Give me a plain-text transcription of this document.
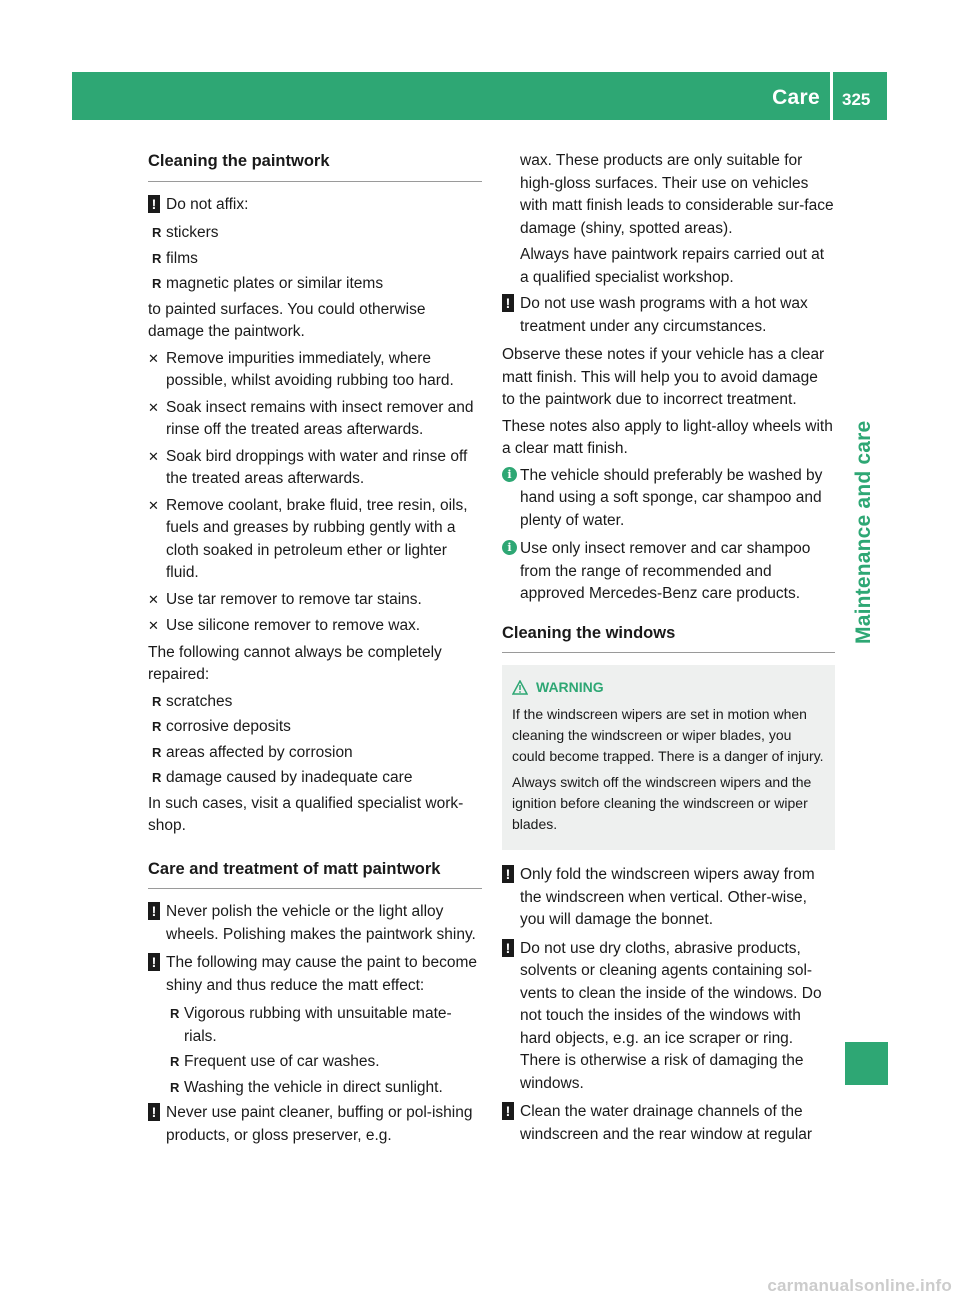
Care 325
Maintenance and care
Cleaning the paintwork
! Do not affix:
R stickers
R films
R magnetic plates or similar items

to painted surfaces. You could otherwise damage the paintwork.

✕ Remove impurities immediately, where possible, whilst avoiding rubbing too hard.
✕ Soak insect remains with insect remover and rinse off the treated areas afterwards.
✕ Soak bird droppings with water and rinse off the treated areas afterwards.
✕ Remove coolant, brake fluid, tree resin, oils, fuels and greases by rubbing gently with a cloth soaked in petroleum ether or lighter fluid.
✕ Use tar remover to remove tar stains.
✕ Use silicone remover to remove wax.

The following cannot always be completely repaired:

R scratches
R corrosive deposits
R areas affected by corrosion
R damage caused by inadequate care

In such cases, visit a qualified specialist work-shop.

Care and treatment of matt paintwork
! Never polish the vehicle or the light alloy wheels. Polishing makes the paintwork shiny.
! The following may cause the paint to become shiny and thus reduce the matt effect:
R Vigorous rubbing with unsuitable mate-rials.
R Frequent use of car washes.
R Washing the vehicle in direct sunlight.
! Never use paint cleaner, buffing or pol-ishing products, or gloss preserver, e.g.

wax. These products are only suitable for high-gloss surfaces. Their use on vehicles with matt finish leads to considerable sur-face damage (shiny, spotted areas).

Always have paintwork repairs carried out at a qualified specialist workshop.

! Do not use wash programs with a hot wax treatment under any circumstances.

Observe these notes if your vehicle has a clear matt finish. This will help you to avoid damage to the paintwork due to incorrect treatment.

These notes also apply to light-alloy wheels with a clear matt finish.

i The vehicle should preferably be washed by hand using a soft sponge, car shampoo and plenty of water.
i Use only insect remover and car shampoo from the range of recommended and approved Mercedes-Benz care products.
Cleaning the windows
WARNING

If the windscreen wipers are set in motion when cleaning the windscreen or wiper blades, you could become trapped. There is a danger of injury.

Always switch off the windscreen wipers and the ignition before cleaning the windscreen or wiper blades.

! Only fold the windscreen wipers away from the windscreen when vertical. Other-wise, you will damage the bonnet.
! Do not use dry cloths, abrasive products, solvents or cleaning agents containing sol-vents to clean the inside of the windows. Do not touch the insides of the windows with hard objects, e.g. an ice scraper or ring. There is otherwise a risk of damaging the windows.
! Clean the water drainage channels of the windscreen and the rear window at regular
carmanualsonline.info
